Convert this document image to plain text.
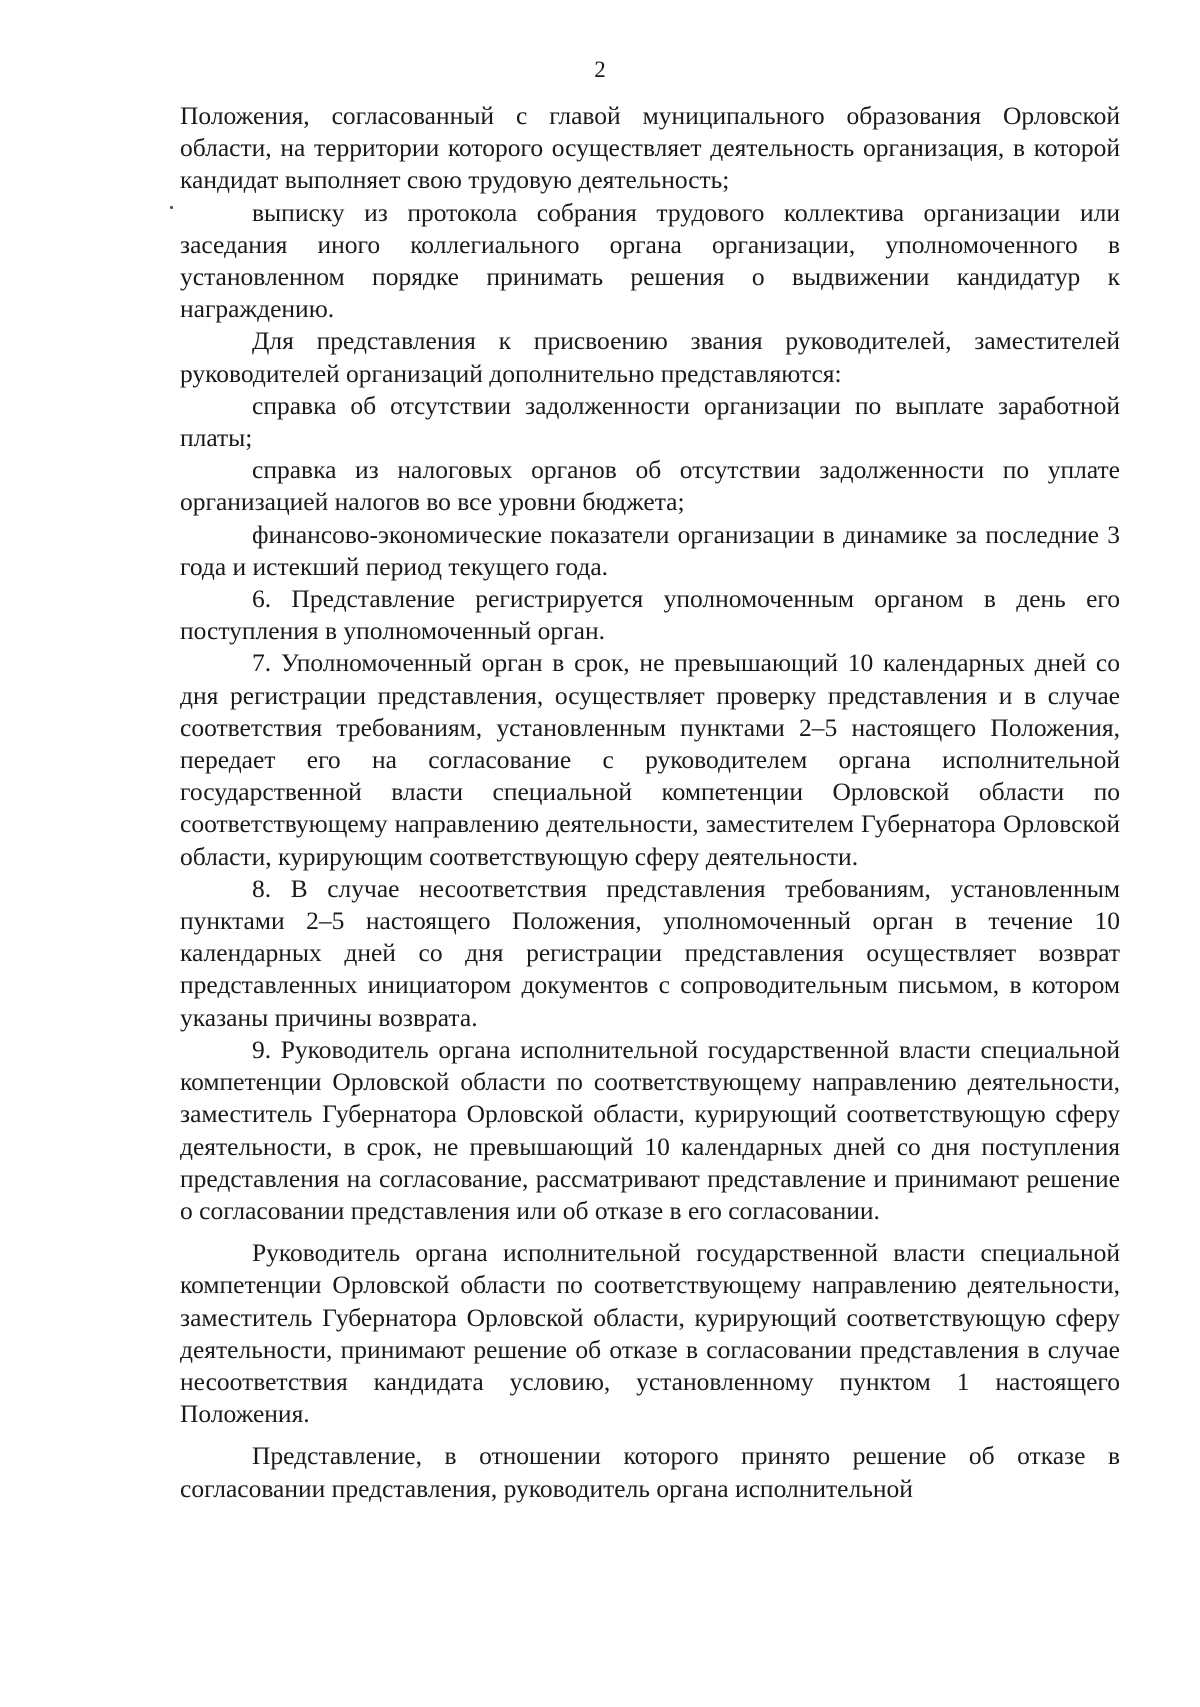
2

Положения, согласованный с главой муниципального образования Орловской области, на территории которого осуществляет деятельность организация, в которой кандидат выполняет свою трудовую деятельность;

выписку из протокола собрания трудового коллектива организации или заседания иного коллегиального органа организации, уполномоченного в установленном порядке принимать решения о выдвижении кандидатур к награждению.

Для представления к присвоению звания руководителей, заместителей руководителей организаций дополнительно представляются:

справка об отсутствии задолженности организации по выплате заработной платы;

справка из налоговых органов об отсутствии задолженности по уплате организацией налогов во все уровни бюджета;

финансово-экономические показатели организации в динамике за последние 3 года и истекший период текущего года.

6. Представление регистрируется уполномоченным органом в день его поступления в уполномоченный орган.

7. Уполномоченный орган в срок, не превышающий 10 календарных дней со дня регистрации представления, осуществляет проверку представления и в случае соответствия требованиям, установленным пунктами 2–5 настоящего Положения, передает его на согласование с руководителем органа исполнительной государственной власти специальной компетенции Орловской области по соответствующему направлению деятельности, заместителем Губернатора Орловской области, курирующим соответствующую сферу деятельности.

8. В случае несоответствия представления требованиям, установленным пунктами 2–5 настоящего Положения, уполномоченный орган в течение 10 календарных дней со дня регистрации представления осуществляет возврат представленных инициатором документов с сопроводительным письмом, в котором указаны причины возврата.

9. Руководитель органа исполнительной государственной власти специальной компетенции Орловской области по соответствующему направлению деятельности, заместитель Губернатора Орловской области, курирующий соответствующую сферу деятельности, в срок, не превышающий 10 календарных дней со дня поступления представления на согласование, рассматривают представление и принимают решение о согласовании представления или об отказе в его согласовании.

Руководитель органа исполнительной государственной власти специальной компетенции Орловской области по соответствующему направлению деятельности, заместитель Губернатора Орловской области, курирующий соответствующую сферу деятельности, принимают решение об отказе в согласовании представления в случае несоответствия кандидата условию, установленному пунктом 1 настоящего Положения.

Представление, в отношении которого принято решение об отказе в согласовании представления, руководитель органа исполнительной
